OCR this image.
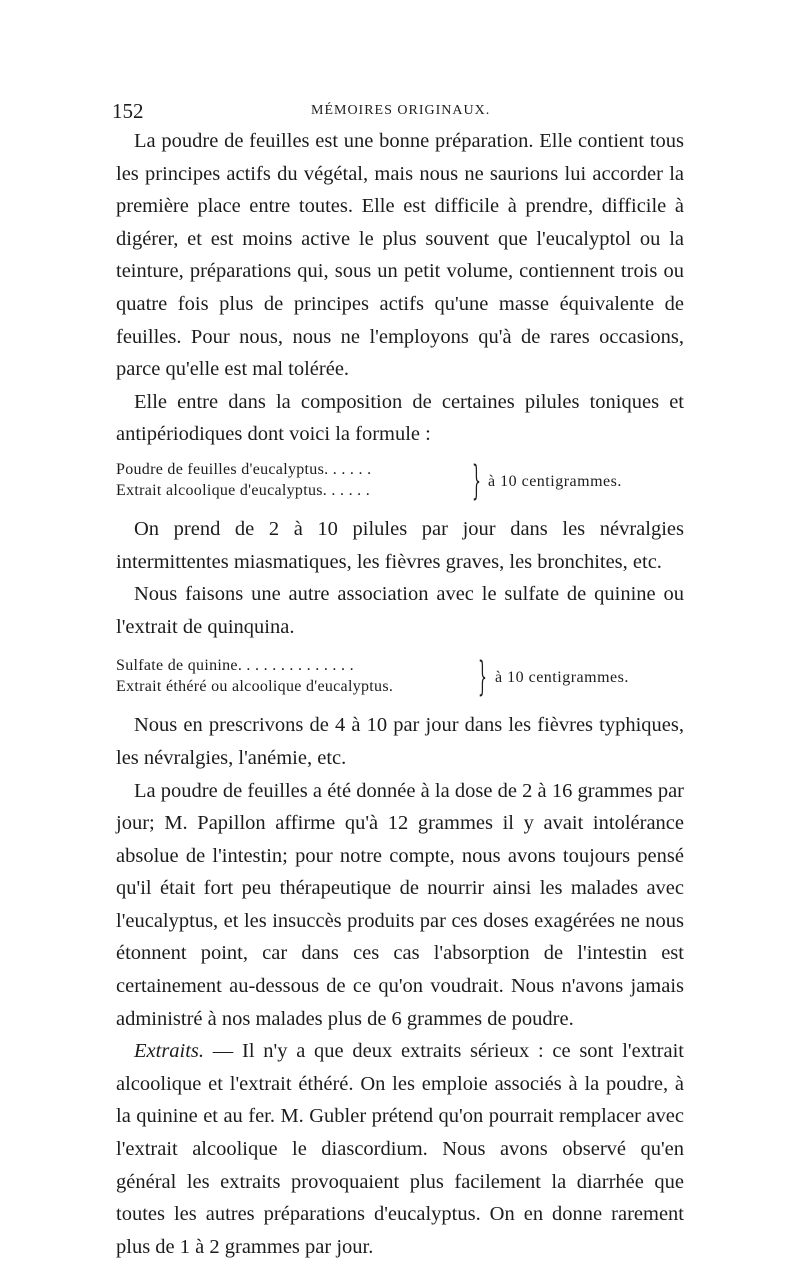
152	MÉMOIRES ORIGINAUX.

La poudre de feuilles est une bonne préparation. Elle contient tous les principes actifs du végétal, mais nous ne saurions lui accorder la première place entre toutes. Elle est difficile à prendre, difficile à digérer, et est moins active le plus souvent que l'eucalyptol ou la teinture, préparations qui, sous un petit volume, contiennent trois ou quatre fois plus de principes actifs qu'une masse équivalente de feuilles. Pour nous, nous ne l'employons qu'à de rares occasions, parce qu'elle est mal tolérée.

Elle entre dans la composition de certaines pilules toniques et antipériodiques dont voici la formule :

Poudre de feuilles d'eucalyptus. . . . . .
Extrait alcoolique d'eucalyptus. . . . . .	} à 10 centigrammes.

On prend de 2 à 10 pilules par jour dans les névralgies intermittentes miasmatiques, les fièvres graves, les bronchites, etc.

Nous faisons une autre association avec le sulfate de quinine ou l'extrait de quinquina.

Sulfate de quinine. . . . . . . . . . . . . .
Extrait éthéré ou alcoolique d'eucalyptus. } à 10 centigrammes.

Nous en prescrivons de 4 à 10 par jour dans les fièvres typhiques, les névralgies, l'anémie, etc.

La poudre de feuilles a été donnée à la dose de 2 à 16 grammes par jour; M. Papillon affirme qu'à 12 grammes il y avait intolérance absolue de l'intestin; pour notre compte, nous avons toujours pensé qu'il était fort peu thérapeutique de nourrir ainsi les malades avec l'eucalyptus, et les insuccès produits par ces doses exagérées ne nous étonnent point, car dans ces cas l'absorption de l'intestin est certainement au-dessous de ce qu'on voudrait. Nous n'avons jamais administré à nos malades plus de 6 grammes de poudre.

Extraits. — Il n'y a que deux extraits sérieux : ce sont l'extrait alcoolique et l'extrait éthéré. On les emploie associés à la poudre, à la quinine et au fer. M. Gubler prétend qu'on pourrait remplacer avec l'extrait alcoolique le diascordium. Nous avons observé qu'en général les extraits provoquaient plus facilement la diarrhée que toutes les autres préparations d'eucalyptus. On en donne rarement plus de 1 à 2 grammes par jour.
